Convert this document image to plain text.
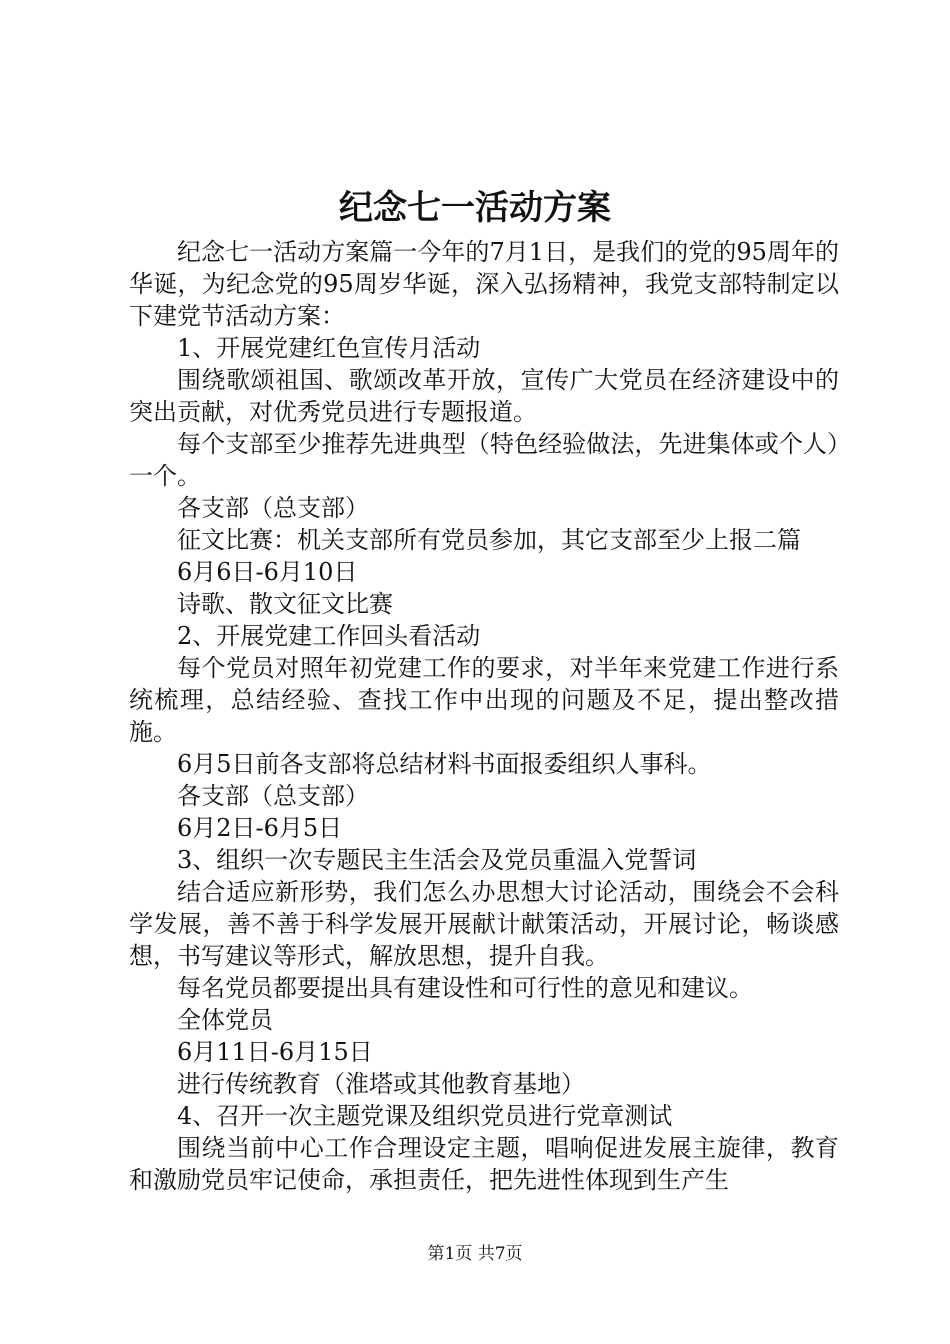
纪念七一活动方案

纪念七一活动方案篇一今年的7月1日，是我们的党的95周年的华诞，为纪念党的95周岁华诞，深入弘扬精神，我党支部特制定以下建党节活动方案：

1、开展党建红色宣传月活动

围绕歌颂祖国、歌颂改革开放，宣传广大党员在经济建设中的突出贡献，对优秀党员进行专题报道。

每个支部至少推荐先进典型（特色经验做法，先进集体或个人）一个。

各支部（总支部）

征文比赛：机关支部所有党员参加，其它支部至少上报二篇

6月6日-6月10日

诗歌、散文征文比赛

2、开展党建工作回头看活动

每个党员对照年初党建工作的要求，对半年来党建工作进行系统梳理，总结经验、查找工作中出现的问题及不足，提出整改措施。

6月5日前各支部将总结材料书面报委组织人事科。

各支部（总支部）

6月2日-6月5日

3、组织一次专题民主生活会及党员重温入党誓词

结合适应新形势，我们怎么办思想大讨论活动，围绕会不会科学发展，善不善于科学发展开展献计献策活动，开展讨论，畅谈感想，书写建议等形式，解放思想，提升自我。

每名党员都要提出具有建设性和可行性的意见和建议。

全体党员

6月11日-6月15日

进行传统教育（淮塔或其他教育基地）

4、召开一次主题党课及组织党员进行党章测试

围绕当前中心工作合理设定主题，唱响促进发展主旋律，教育和激励党员牢记使命，承担责任，把先进性体现到生产生

第1页 共7页
